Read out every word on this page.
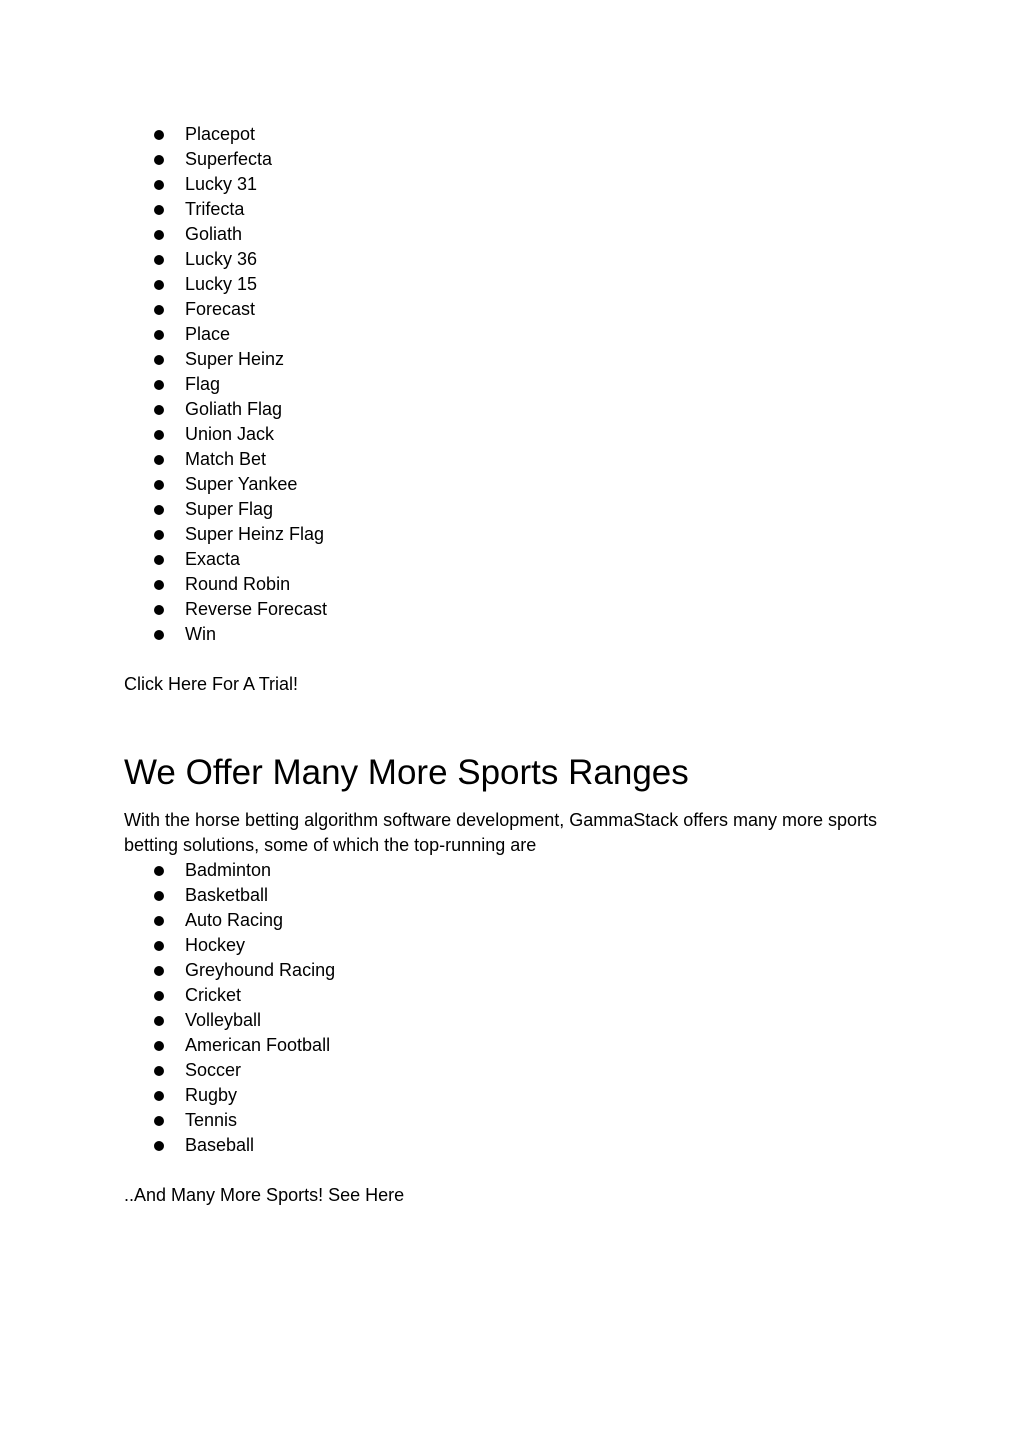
Placepot
Superfecta
Lucky 31
Trifecta
Goliath
Lucky 36
Lucky 15
Forecast
Place
Super Heinz
Flag
Goliath Flag
Union Jack
Match Bet
Super Yankee
Super Flag
Super Heinz Flag
Exacta
Round Robin
Reverse Forecast
Win

Click Here For A Trial!

We Offer Many More Sports Ranges

With the horse betting algorithm software development, GammaStack offers many more sports betting solutions, some of which the top-running are

Badminton
Basketball
Auto Racing
Hockey
Greyhound Racing
Cricket
Volleyball
American Football
Soccer
Rugby
Tennis
Baseball

..And Many More Sports! See Here
